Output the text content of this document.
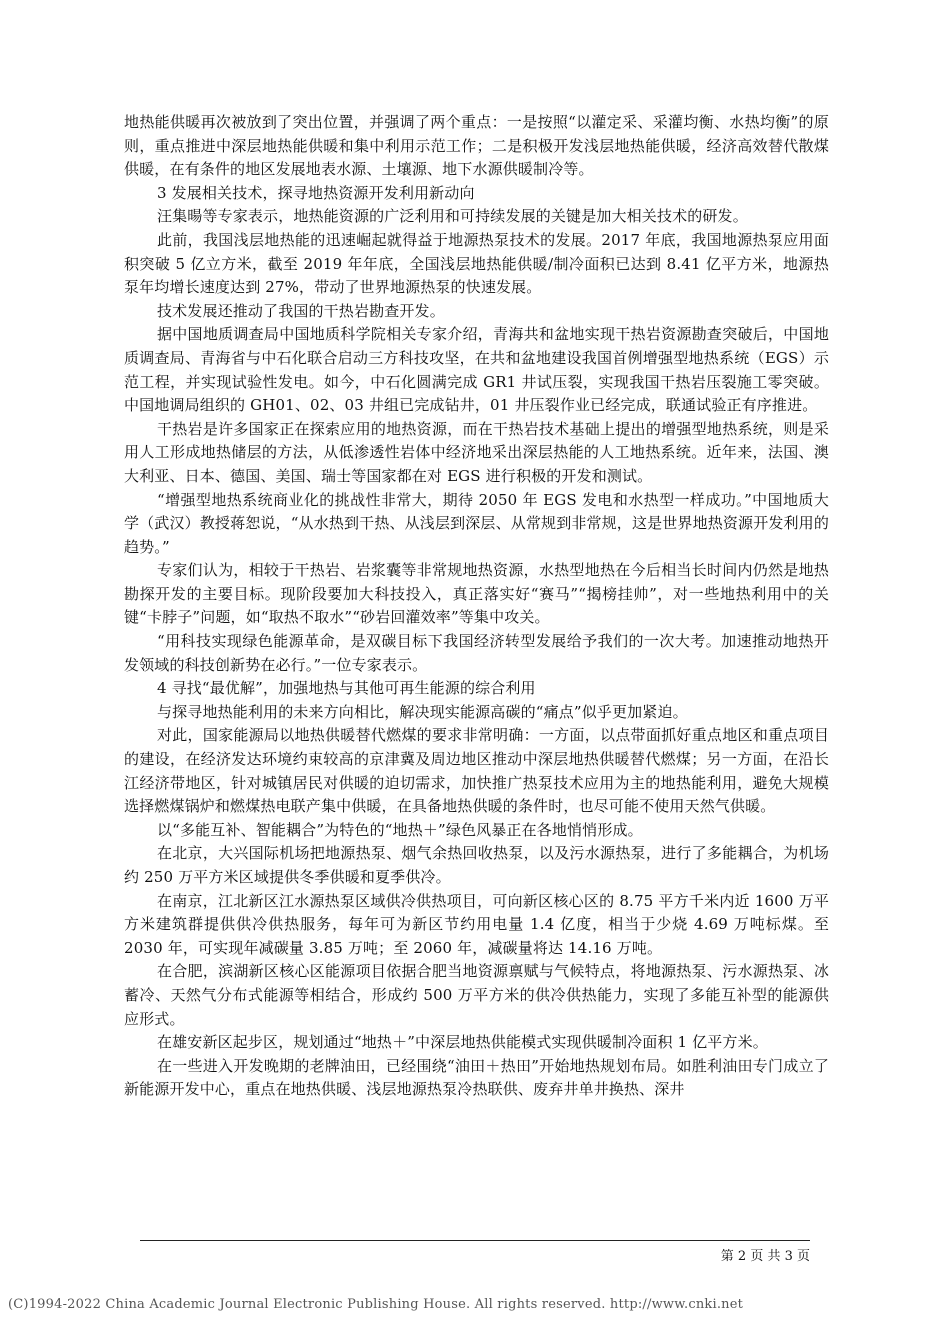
地热能供暖再次被放到了突出位置，并强调了两个重点：一是按照“以灌定采、采灌均衡、水热均衡”的原则，重点推进中深层地热能供暖和集中利用示范工作；二是积极开发浅层地热能供暖，经济高效替代散煤供暖，在有条件的地区发展地表水源、土壤源、地下水源供暖制冷等。

3 发展相关技术，探寻地热资源开发利用新动向

汪集暘等专家表示，地热能资源的广泛利用和可持续发展的关键是加大相关技术的研发。

此前，我国浅层地热能的迅速崛起就得益于地源热泵技术的发展。2017 年底，我国地源热泵应用面积突破 5 亿立方米，截至 2019 年年底，全国浅层地热能供暖/制冷面积已达到 8.41 亿平方米，地源热泵年均增长速度达到 27%，带动了世界地源热泵的快速发展。

技术发展还推动了我国的干热岩勘查开发。

据中国地质调查局中国地质科学院相关专家介绍，青海共和盆地实现干热岩资源勘查突破后，中国地质调查局、青海省与中石化联合启动三方科技攻坚，在共和盆地建设我国首例增强型地热系统（EGS）示范工程，并实现试验性发电。如今，中石化圆满完成 GR1 井试压裂，实现我国干热岩压裂施工零突破。中国地调局组织的 GH01、02、03 井组已完成钻井，01 井压裂作业已经完成，联通试验正有序推进。

干热岩是许多国家正在探索应用的地热资源，而在干热岩技术基础上提出的增强型地热系统，则是采用人工形成地热储层的方法，从低渗透性岩体中经济地采出深层热能的人工地热系统。近年来，法国、澳大利亚、日本、德国、美国、瑞士等国家都在对 EGS 进行积极的开发和测试。

“增强型地热系统商业化的挑战性非常大，期待 2050 年 EGS 发电和水热型一样成功。”中国地质大学（武汉）教授蒋恕说，“从水热到干热、从浅层到深层、从常规到非常规，这是世界地热资源开发利用的趋势。”

专家们认为，相较于干热岩、岩浆囊等非常规地热资源，水热型地热在今后相当长时间内仍然是地热勘探开发的主要目标。现阶段要加大科技投入，真正落实好“赛马”“揭榜挂帅”，对一些地热利用中的关键“卡脖子”问题，如“取热不取水”“砂岩回灌效率”等集中攻关。

“用科技实现绿色能源革命，是双碳目标下我国经济转型发展给予我们的一次大考。加速推动地热开发领域的科技创新势在必行。”一位专家表示。

4 寻找“最优解”，加强地热与其他可再生能源的综合利用

与探寻地热能利用的未来方向相比，解决现实能源高碳的“痛点”似乎更加紧迫。

对此，国家能源局以地热供暖替代燃煤的要求非常明确：一方面，以点带面抓好重点地区和重点项目的建设，在经济发达环境约束较高的京津冀及周边地区推动中深层地热供暖替代燃煤；另一方面，在沿长江经济带地区，针对城镇居民对供暖的迫切需求，加快推广热泵技术应用为主的地热能利用，避免大规模选择燃煤锅炉和燃煤热电联产集中供暖，在具备地热供暖的条件时，也尽可能不使用天然气供暖。

以“多能互补、智能耦合”为特色的“地热＋”绿色风暴正在各地悄悄形成。

在北京，大兴国际机场把地源热泵、烟气余热回收热泵，以及污水源热泵，进行了多能耦合，为机场约 250 万平方米区域提供冬季供暖和夏季供冷。

在南京，江北新区江水源热泵区域供冷供热项目，可向新区核心区的 8.75 平方千米内近 1600 万平方米建筑群提供供冷供热服务，每年可为新区节约用电量 1.4 亿度，相当于少烧 4.69 万吨标煤。至 2030 年，可实现年减碳量 3.85 万吨；至 2060 年，减碳量将达 14.16 万吨。

在合肥，滨湖新区核心区能源项目依据合肥当地资源禀赋与气候特点，将地源热泵、污水源热泵、冰蓄冷、天然气分布式能源等相结合，形成约 500 万平方米的供冷供热能力，实现了多能互补型的能源供应形式。

在雄安新区起步区，规划通过“地热＋”中深层地热供能模式实现供暖制冷面积 1 亿平方米。

在一些进入开发晚期的老牌油田，已经围绕“油田＋热田”开始地热规划布局。如胜利油田专门成立了新能源开发中心，重点在地热供暖、浅层地源热泵冷热联供、废弃井单井换热、深井

第 2 页 共 3 页
(C)1994-2022 China Academic Journal Electronic Publishing House. All rights reserved. http://www.cnki.net
